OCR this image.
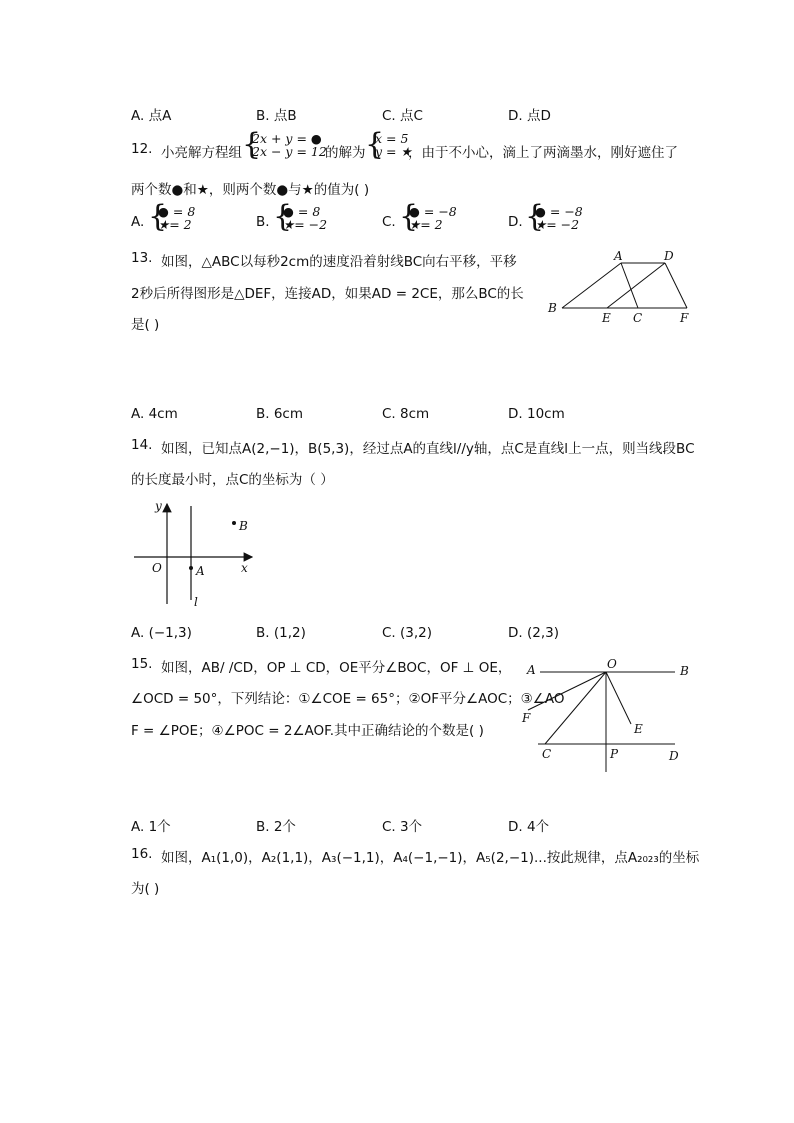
A. 点A	B. 点B	C. 点C	D. 点D
12. 小亮解方程组 {
2x + y = ●
2x − y = 12
的解为 {
x = 5
y = ★
，由于不小心，滴上了两滴墨水，刚好遮住了
两个数●和★，则两个数●与★的值为( )
A. {
● = 8
★= 2	B. {
● = 8
★= −2	C. {
● = −8
★= 2	D. {
● = −8
★= −2
13. 如图，△ABC以每秒2cm的速度沿着射线BC向右平移，平移
2秒后所得图形是△DEF，连接AD，如果AD = 2CE，那么BC的长
是( )
A	D
B
E C	F
A. 4cm	B. 6cm	C. 8cm	D. 10cm
14. 如图，已知点A(2,−1)，B(5,3)，经过点A的直线l//y轴，点C是直线l上一点，则当线段BC
的长度最小时，点C的坐标为（ ）
y
x
O	A
B
l
A. (−1,3)	B. (1,2)	C. (3,2)	D. (2,3)
15. 如图，AB/ /CD，OP ⊥ CD，OE平分∠BOC，OF ⊥ OE，
∠OCD = 50°，下列结论：①∠COE = 65°；②OF平分∠AOC；③∠AO
F = ∠POE；④∠POC = 2∠AOF.其中正确结论的个数是( )
A	O	B
F
E
C	P	D
A. 1个	B. 2个	C. 3个	D. 4个
16. 如图，A₁(1,0)，A₂(1,1)，A₃(−1,1)，A₄(−1,−1)，A₅(2,−1)...按此规律，点A₂₀₂₃的坐标
为( )
